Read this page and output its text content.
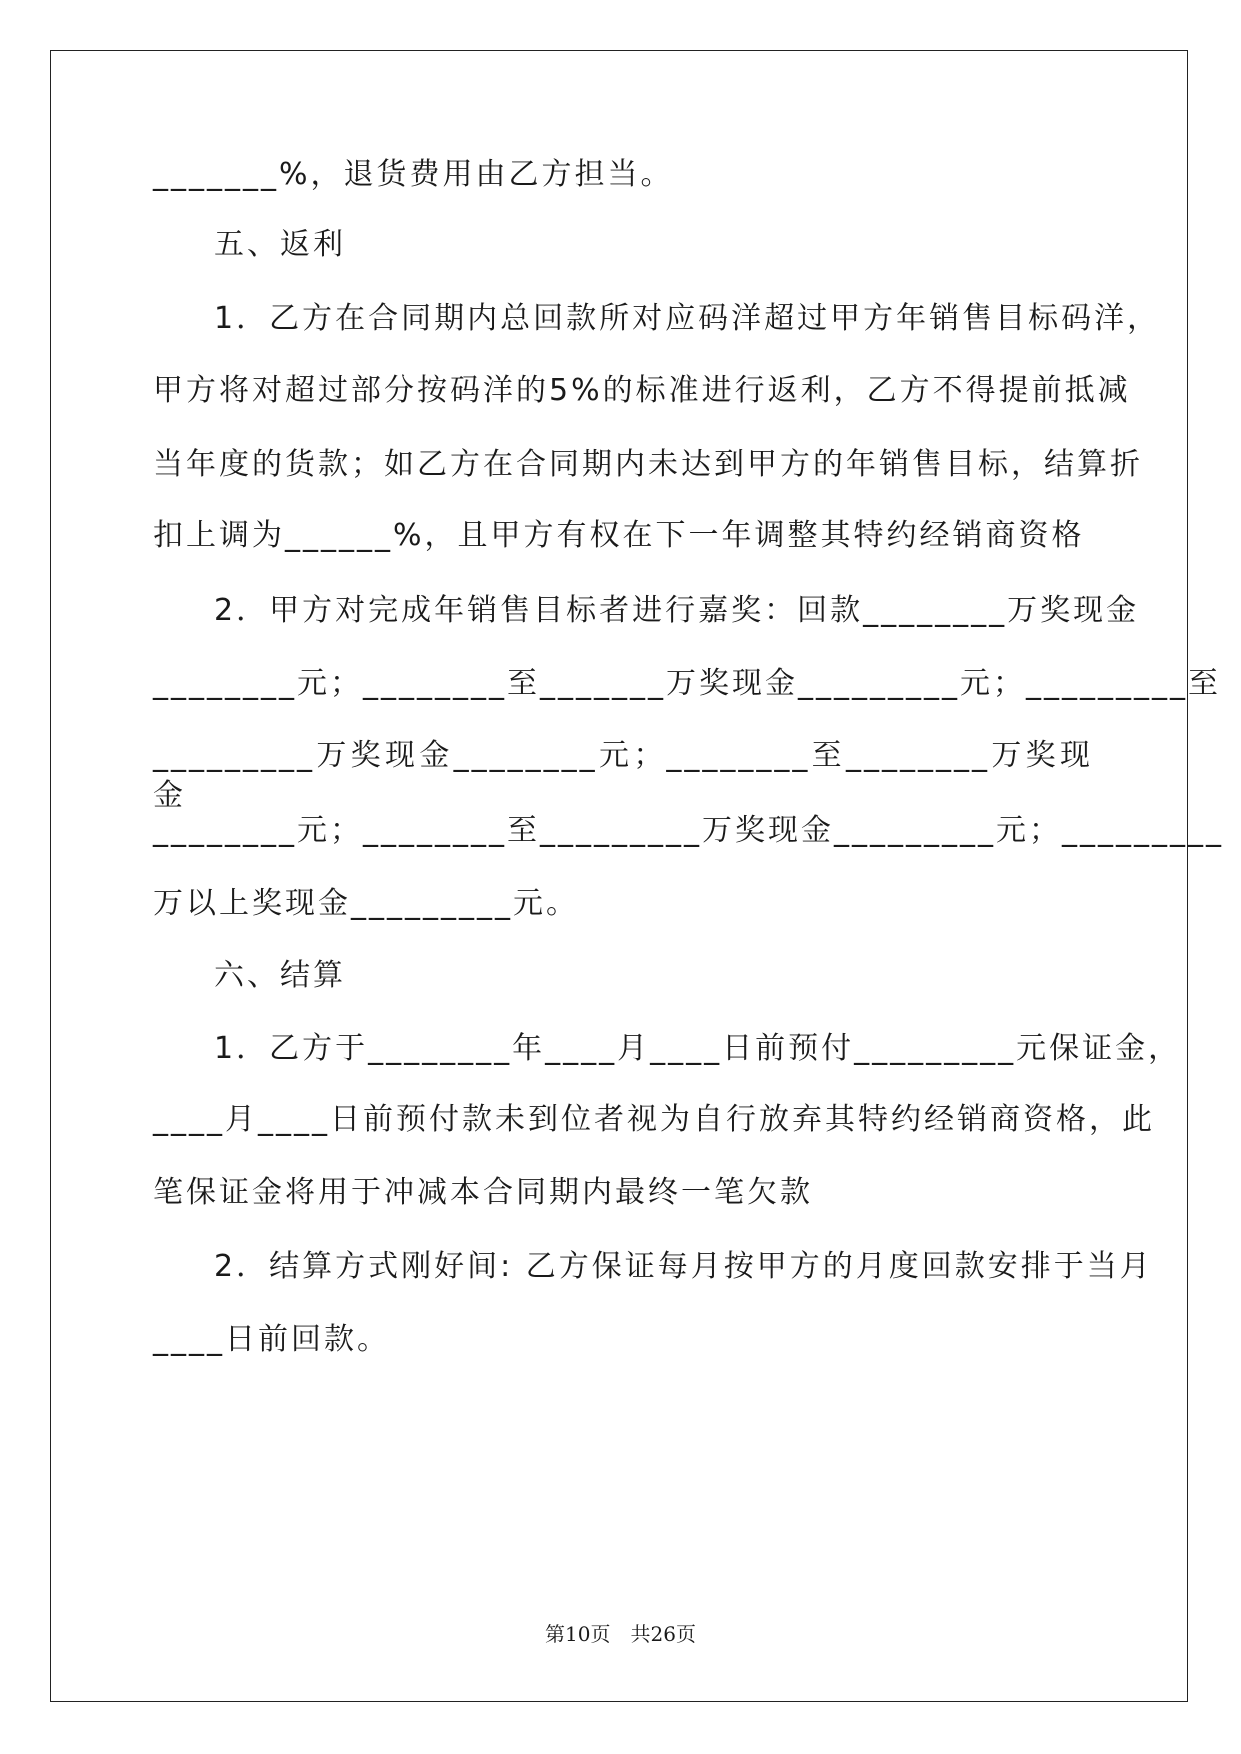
_______%，退货费用由乙方担当。
五、返利
1．乙方在合同期内总回款所对应码洋超过甲方年销售目标码洋，
甲方将对超过部分按码洋的5%的标准进行返利，乙方不得提前抵减
当年度的货款；如乙方在合同期内未达到甲方的年销售目标，结算折
扣上调为______%，且甲方有权在下一年调整其特约经销商资格
2．甲方对完成年销售目标者进行嘉奖：回款________万奖现金
________元；________至_______万奖现金_________元；_________至
_________万奖现金________元；________至________万奖现金
________元；________至_________万奖现金_________元；_________
万以上奖现金_________元。
六、结算
1．乙方于________年____月____日前预付_________元保证金，
____月____日前预付款未到位者视为自行放弃其特约经销商资格，此
笔保证金将用于冲减本合同期内最终一笔欠款
2．结算方式刚好间: 乙方保证每月按甲方的月度回款安排于当月
____日前回款。
第10页　共26页
